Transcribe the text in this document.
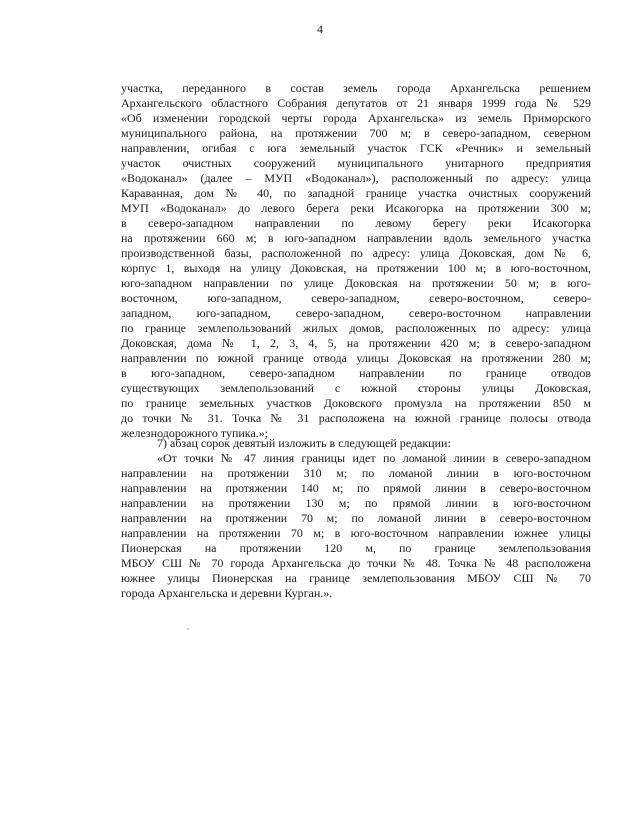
4
участка, переданного в состав земель города Архангельска решением
Архангельского областного Собрания депутатов от 21 января 1999 года № 529
«Об изменении городской черты города Архангельска» из земель Приморского
муниципального района, на протяжении 700 м; в северо-западном, северном
направлении, огибая с юга земельный участок ГСК «Речник» и земельный
участок очистных сооружений муниципального унитарного предприятия
«Водоканал» (далее – МУП «Водоканал»), расположенный по адресу: улица
Караванная, дом № 40, по западной границе участка очистных сооружений
МУП «Водоканал» до левого берега реки Исакогорка на протяжении 300 м;
в северо-западном направлении по левому берегу реки Исакогорка
на протяжении 660 м; в юго-западном направлении вдоль земельного участка
производственной базы, расположенной по адресу: улица Доковская, дом № 6,
корпус 1, выходя на улицу Доковская, на протяжении 100 м; в юго-восточном,
юго-западном направлении по улице Доковская на протяжении 50 м; в юго-
восточном, юго-западном, северо-западном, северо-восточном, северо-
западном, юго-западном, северо-западном, северо-восточном направлении
по границе землепользований жилых домов, расположенных по адресу: улица
Доковская, дома № 1, 2, 3, 4, 5, на протяжении 420 м; в северо-западном
направлении по южной границе отвода улицы Доковская на протяжении 280 м;
в юго-западном, северо-западном направлении по границе отводов
существующих землепользований с южной стороны улицы Доковская,
по границе земельных участков Доковского промузла на протяжении 850 м
до точки № 31. Точка № 31 расположена на южной границе полосы отвода
железнодорожного тупика.»;
7) абзац сорок девятый изложить в следующей редакции:
«От точки № 47 линия границы идет по ломаной линии в северо-западном
направлении на протяжении 310 м; по ломаной линии в юго-восточном
направлении на протяжении 140 м; по прямой линии в северо-восточном
направлении на протяжении 130 м; по прямой линии в юго-восточном
направлении на протяжении 70 м; по ломаной линии в северо-восточном
направлении на протяжении 70 м; в юго-восточном направлении южнее улицы
Пионерская на протяжении 120 м, по границе землепользования
МБОУ СШ № 70 города Архангельска до точки № 48. Точка № 48 расположена
южнее улицы Пионерская на границе землепользования МБОУ СШ № 70
города Архангельска и деревни Курган.».
